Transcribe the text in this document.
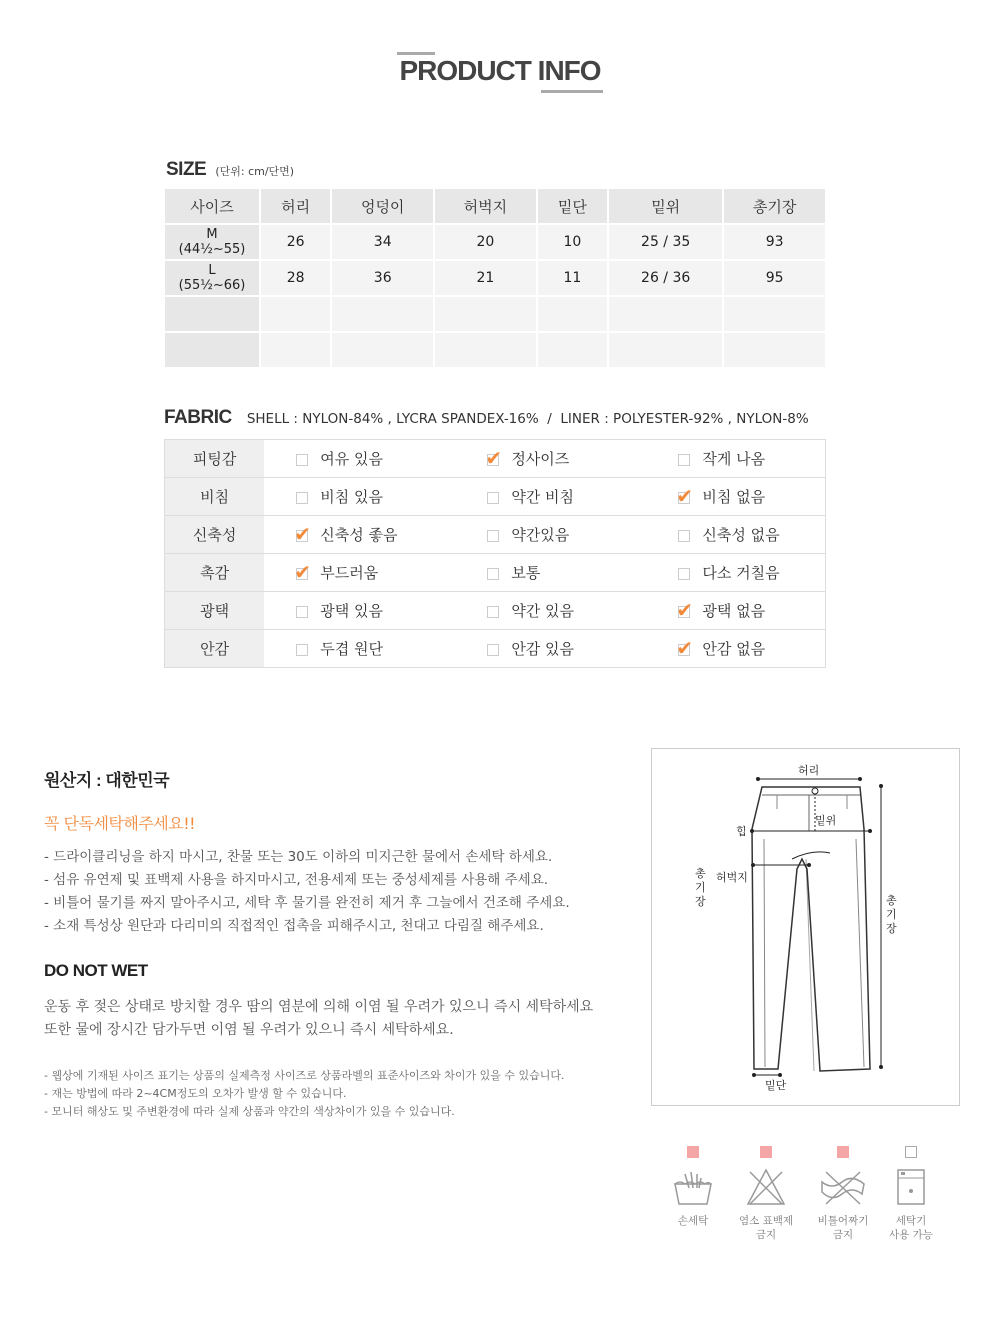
PRODUCT INFO
SIZE (단위: cm/단면)
사이즈	허리	엉덩이	허벅지	밑단	밑위	총기장

M
(44½~55)	26	34	20	10	25 / 35	93

L
(55½~66)	28	36	21	11	26 / 36	95

FABRIC SHELL : NYLON-84% , LYCRA SPANDEX-16%  /  LINER : POLYESTER-92% , NYLON-8%
피팅감	여유 있음	✔ 정사이즈	작게 나옴
비침	비침 있음	약간 비침	✔ 비침 없음
신축성	✔ 신축성 좋음	약간있음	신축성 없음
촉감	✔ 부드러움	보통	다소 거칠음
광택	광택 있음	약간 있음	✔ 광택 없음
안감	두겹 원단	안감 있음	✔ 안감 없음
원산지 : 대한민국
꼭 단독세탁해주세요!!
- 드라이클리닝을 하지 마시고, 찬물 또는 30도 이하의 미지근한 물에서 손세탁 하세요.
- 섬유 유연제 및 표백제 사용을 하지마시고, 전용세제 또는 중성세제를 사용해 주세요.
- 비틀어 물기를 짜지 말아주시고, 세탁 후 물기를 완전히 제거 후 그늘에서 건조해 주세요.
- 소재 특성상 원단과 다리미의 직접적인 접촉을 피해주시고, 천대고 다림질 해주세요.
DO NOT WET
운동 후 젖은 상태로 방치할 경우 땀의 염분에 의해 이염 될 우려가 있으니 즉시 세탁하세요
또한 물에 장시간 담가두면 이염 될 우려가 있으니 즉시 세탁하세요.
- 웹상에 기재된 사이즈 표기는 상품의 실제측정 사이즈로 상품라벨의 표준사이즈와 차이가 있을 수 있습니다.
- 재는 방법에 따라 2~4CM정도의 오차가 발생 할 수 있습니다.
- 모니터 해상도 및 주변환경에 따라 실제 상품과 약간의 색상차이가 있을 수 있습니다.
허리
밑위
힙
허벅지
총
기
장	총
기
장
밑단
손세탁	염소 표백제
금지
비틀어짜기
금지
세탁기
사용 가능
